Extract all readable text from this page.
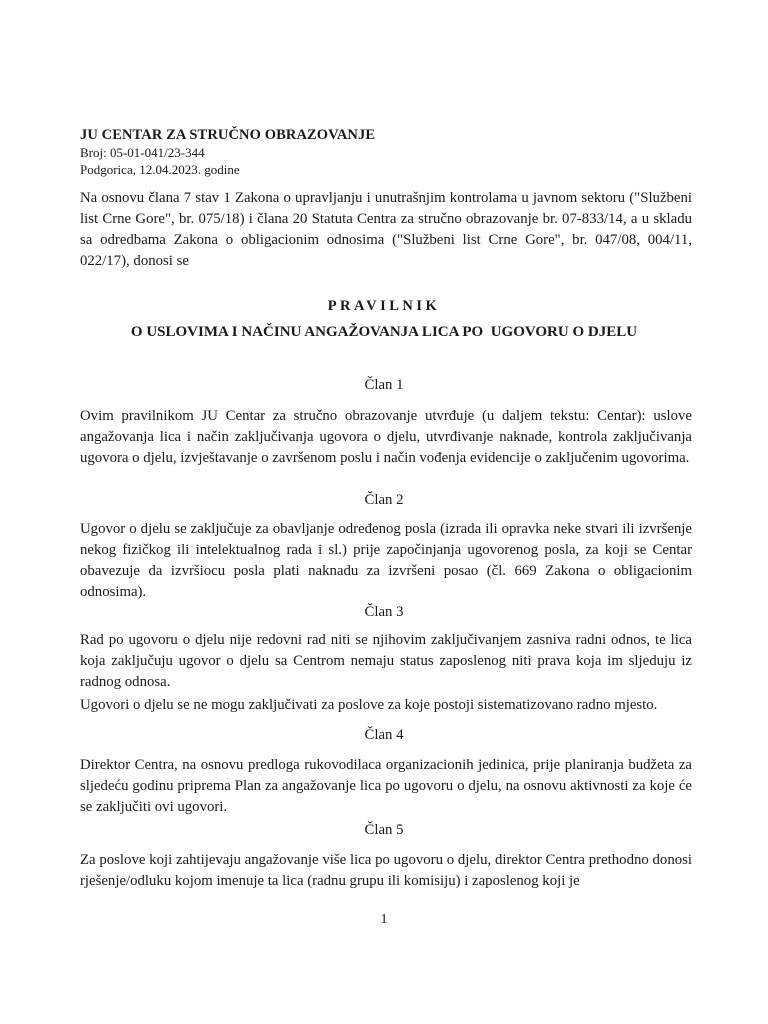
JU CENTAR ZA STRUČNO OBRAZOVANJE
Broj: 05-01-041/23-344
Podgorica, 12.04.2023. godine
Na osnovu člana 7 stav 1 Zakona o upravljanju i unutrašnjim kontrolama u javnom sektoru ("Službeni list Crne Gore", br. 075/18) i člana 20 Statuta Centra za stručno obrazovanje br. 07-833/14, a u skladu sa odredbama Zakona o obligacionim odnosima ("Službeni list Crne Gore", br. 047/08, 004/11, 022/17), donosi se
PRAVILNIK
O USLOVIMA I NAČINU ANGAŽOVANJA LICA PO  UGOVORU O DJELU
Član 1
Ovim pravilnikom JU Centar za stručno obrazovanje utvrđuje (u daljem tekstu: Centar): uslove angažovanja lica i način zaključivanja ugovora o djelu, utvrđivanje naknade, kontrola zaključivanja ugovora o djelu, izvještavanje o završenom poslu i način vođenja evidencije o zaključenim ugovorima.
Član 2
Ugovor o djelu se zaključuje za obavljanje određenog posla (izrada ili opravka neke stvari ili izvršenje nekog fizičkog ili intelektualnog rada i sl.) prije započinjanja ugovorenog posla, za koji se Centar obavezuje da izvršiocu posla plati naknadu za izvršeni posao (čl. 669 Zakona o obligacionim odnosima).
Član 3
Rad po ugovoru o djelu nije redovni rad niti se njihovim zaključivanjem zasniva radni odnos, te lica koja zaključuju ugovor o djelu sa Centrom nemaju status zaposlenog niti prava koja im sljeduju iz radnog odnosa.
Ugovori o djelu se ne mogu zaključivati za poslove za koje postoji sistematizovano radno mjesto.
Član 4
Direktor Centra, na osnovu predloga rukovodilaca organizacionih jedinica, prije planiranja budžeta za sljedeću godinu priprema Plan za angažovanje lica po ugovoru o djelu, na osnovu aktivnosti za koje će se zaključiti ovi ugovori.
Član 5
Za poslove koji zahtijevaju angažovanje više lica po ugovoru o djelu, direktor Centra prethodno donosi rješenje/odluku kojom imenuje ta lica (radnu grupu ili komisiju) i zaposlenog koji je
1
